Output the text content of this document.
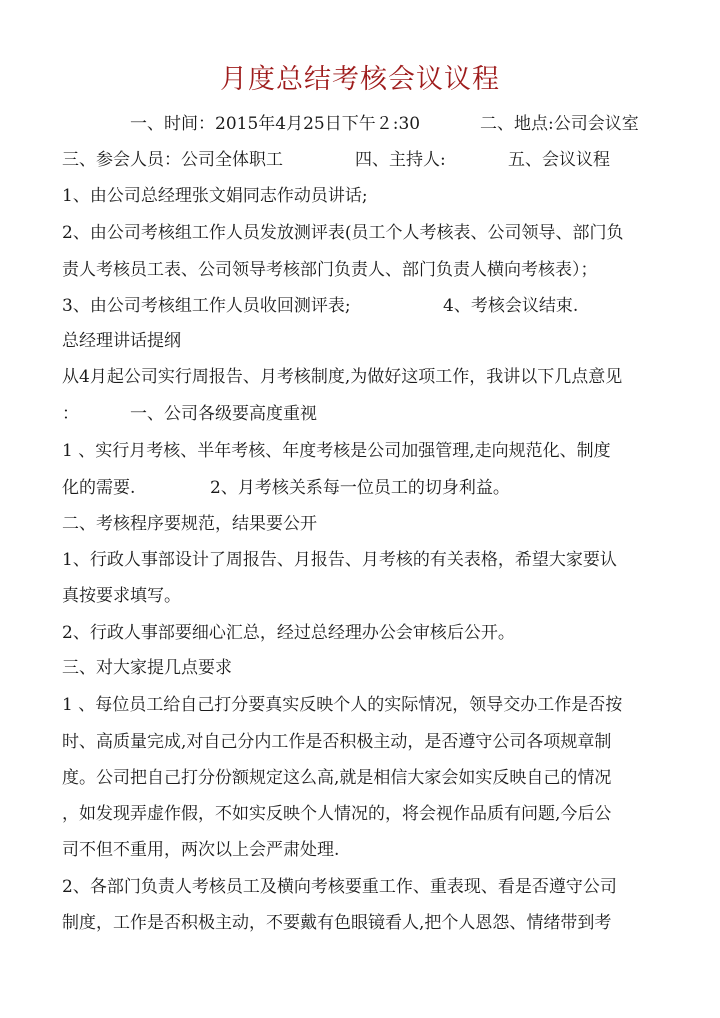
月度总结考核会议议程
一、时间：2015年4月25日下午２:30	二、地点:公司会议室
三、参会人员：公司全体职工	四、主持人:	五、会议议程
1、由公司总经理张文娟同志作动员讲话;
2、由公司考核组工作人员发放测评表(员工个人考核表、公司领导、部门负
责人考核员工表、公司领导考核部门负责人、部门负责人横向考核表）；
3、由公司考核组工作人员收回测评表;	4、考核会议结束.
总经理讲话提纲
从4月起公司实行周报告、月考核制度,为做好这项工作，我讲以下几点意见
：	一、公司各级要高度重视
1 、实行月考核、半年考核、年度考核是公司加强管理,走向规范化、制度
化的需要.	2、月考核关系每一位员工的切身利益。
二、考核程序要规范，结果要公开
1、行政人事部设计了周报告、月报告、月考核的有关表格，希望大家要认
真按要求填写。
2、行政人事部要细心汇总，经过总经理办公会审核后公开。
三、对大家提几点要求
1 、每位员工给自己打分要真实反映个人的实际情况，领导交办工作是否按
时、高质量完成,对自己分内工作是否积极主动，是否遵守公司各项规章制
度。公司把自己打分份额规定这么高,就是相信大家会如实反映自己的情况
，如发现弄虚作假，不如实反映个人情况的，将会视作品质有问题,今后公
司不但不重用，两次以上会严肃处理.
2、各部门负责人考核员工及横向考核要重工作、重表现、看是否遵守公司
制度，工作是否积极主动，不要戴有色眼镜看人,把个人恩怨、情绪带到考
